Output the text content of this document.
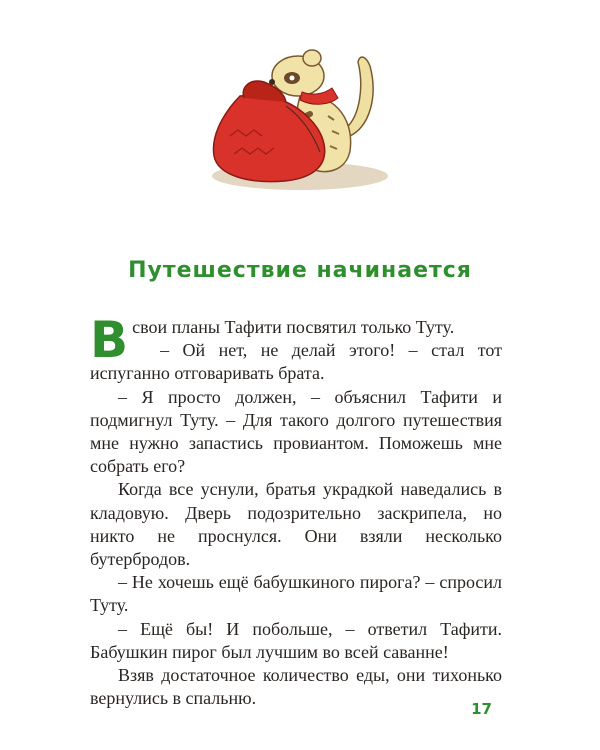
Путешествие начинается

Всвои планы Тафити посвятил только Туту.

– Ой нет, не делай этого! – стал тот испуганно отговаривать брата.

– Я просто должен, – объяснил Тафити и подмигнул Туту. – Для такого долгого путешествия мне нужно запастись провиантом. Поможешь мне собрать его?

Когда все уснули, братья украдкой наведались в кладовую. Дверь подозрительно заскрипела, но никто не проснулся. Они взяли несколько бутербродов.

– Не хочешь ещё бабушкиного пирога? – спросил Туту.

– Ещё бы! И побольше, – ответил Тафити. Бабушкин пирог был лучшим во всей саванне!

Взяв достаточное количество еды, они тихонько вернулись в спальню.

17
